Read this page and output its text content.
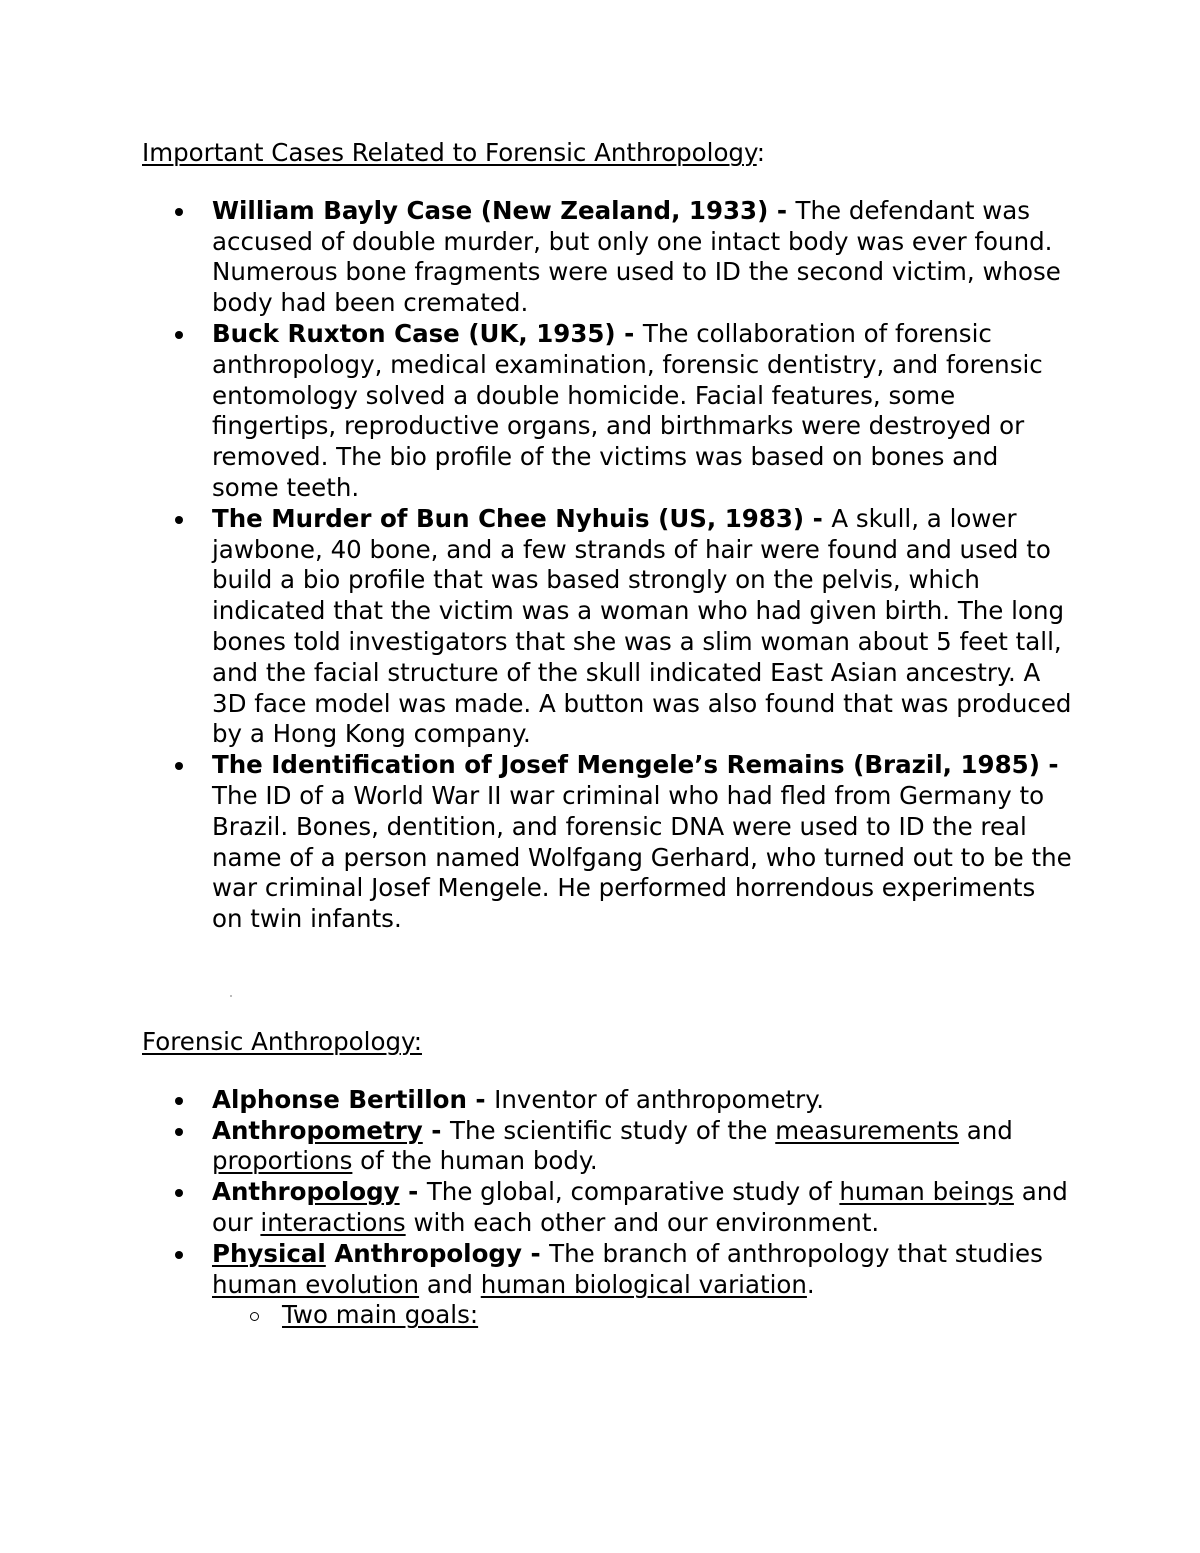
Important Cases Related to Forensic Anthropology:

William Bayly Case (New Zealand, 1933) - The defendant was accused of double murder, but only one intact body was ever found. Numerous bone fragments were used to ID the second victim, whose body had been cremated.
Buck Ruxton Case (UK, 1935) - The collaboration of forensic anthropology, medical examination, forensic dentistry, and forensic entomology solved a double homicide. Facial features, some fingertips, reproductive organs, and birthmarks were destroyed or removed. The bio profile of the victims was based on bones and some teeth.
The Murder of Bun Chee Nyhuis (US, 1983) - A skull, a lower jawbone, 40 bone, and a few strands of hair were found and used to build a bio profile that was based strongly on the pelvis, which indicated that the victim was a woman who had given birth. The long bones told investigators that she was a slim woman about 5 feet tall, and the facial structure of the skull indicated East Asian ancestry. A 3D face model was made. A button was also found that was produced by a Hong Kong company.
The Identification of Josef Mengele’s Remains (Brazil, 1985) - The ID of a World War II war criminal who had fled from Germany to Brazil. Bones, dentition, and forensic DNA were used to ID the real name of a person named Wolfgang Gerhard, who turned out to be the war criminal Josef Mengele. He performed horrendous experiments on twin infants.

Forensic Anthropology:

Alphonse Bertillon - Inventor of anthropometry.
Anthropometry - The scientific study of the measurements and proportions of the human body.
Anthropology - The global, comparative study of human beings and our interactions with each other and our environment.
Physical Anthropology - The branch of anthropology that studies human evolution and human biological variation.
Two main goals:
